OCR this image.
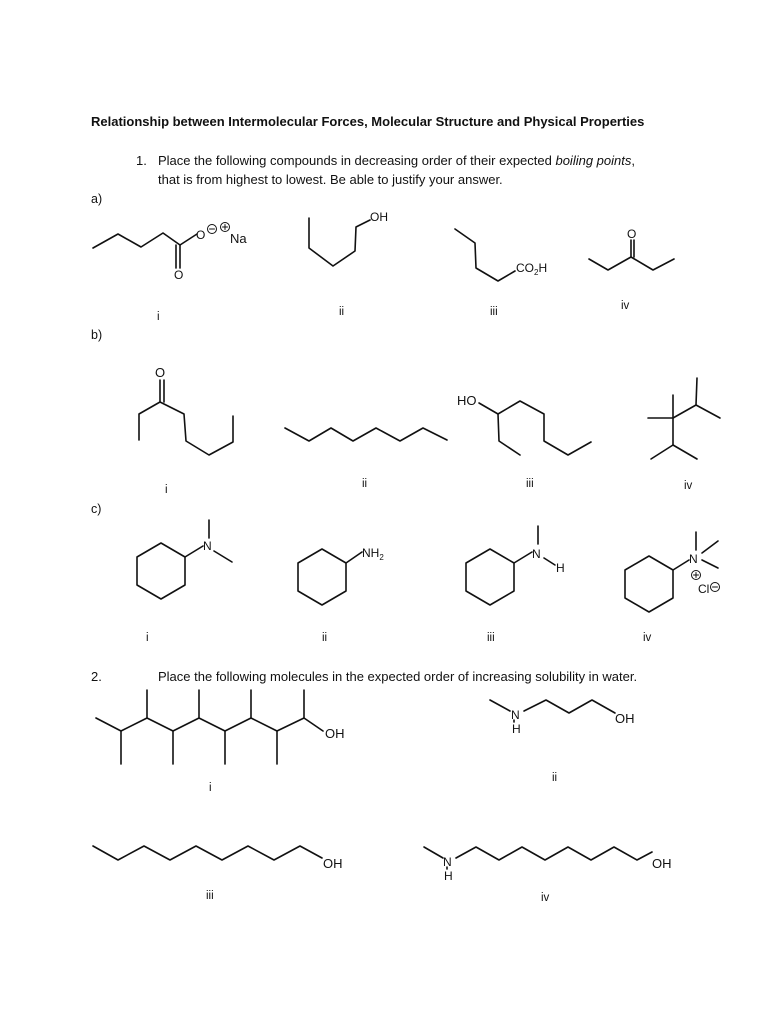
Relationship between Intermolecular Forces, Molecular Structure and Physical Properties
1. Place the following compounds in decreasing order of their expected boiling points,
that is from highest to lowest. Be able to justify your answer.
a)
b)
c)
2.	Place the following molecules in the expected order of increasing solubility in water.
i	ii	iii	iv
i	ii	iii	iv
i	ii	iii	iv
i
ii
iii	iv
O
O Na
OH
$CO_2H$
O
O
HO
N	$NH_2$	N
H
N
Cl
OH
N
H
OH
OH	N
H
OH
